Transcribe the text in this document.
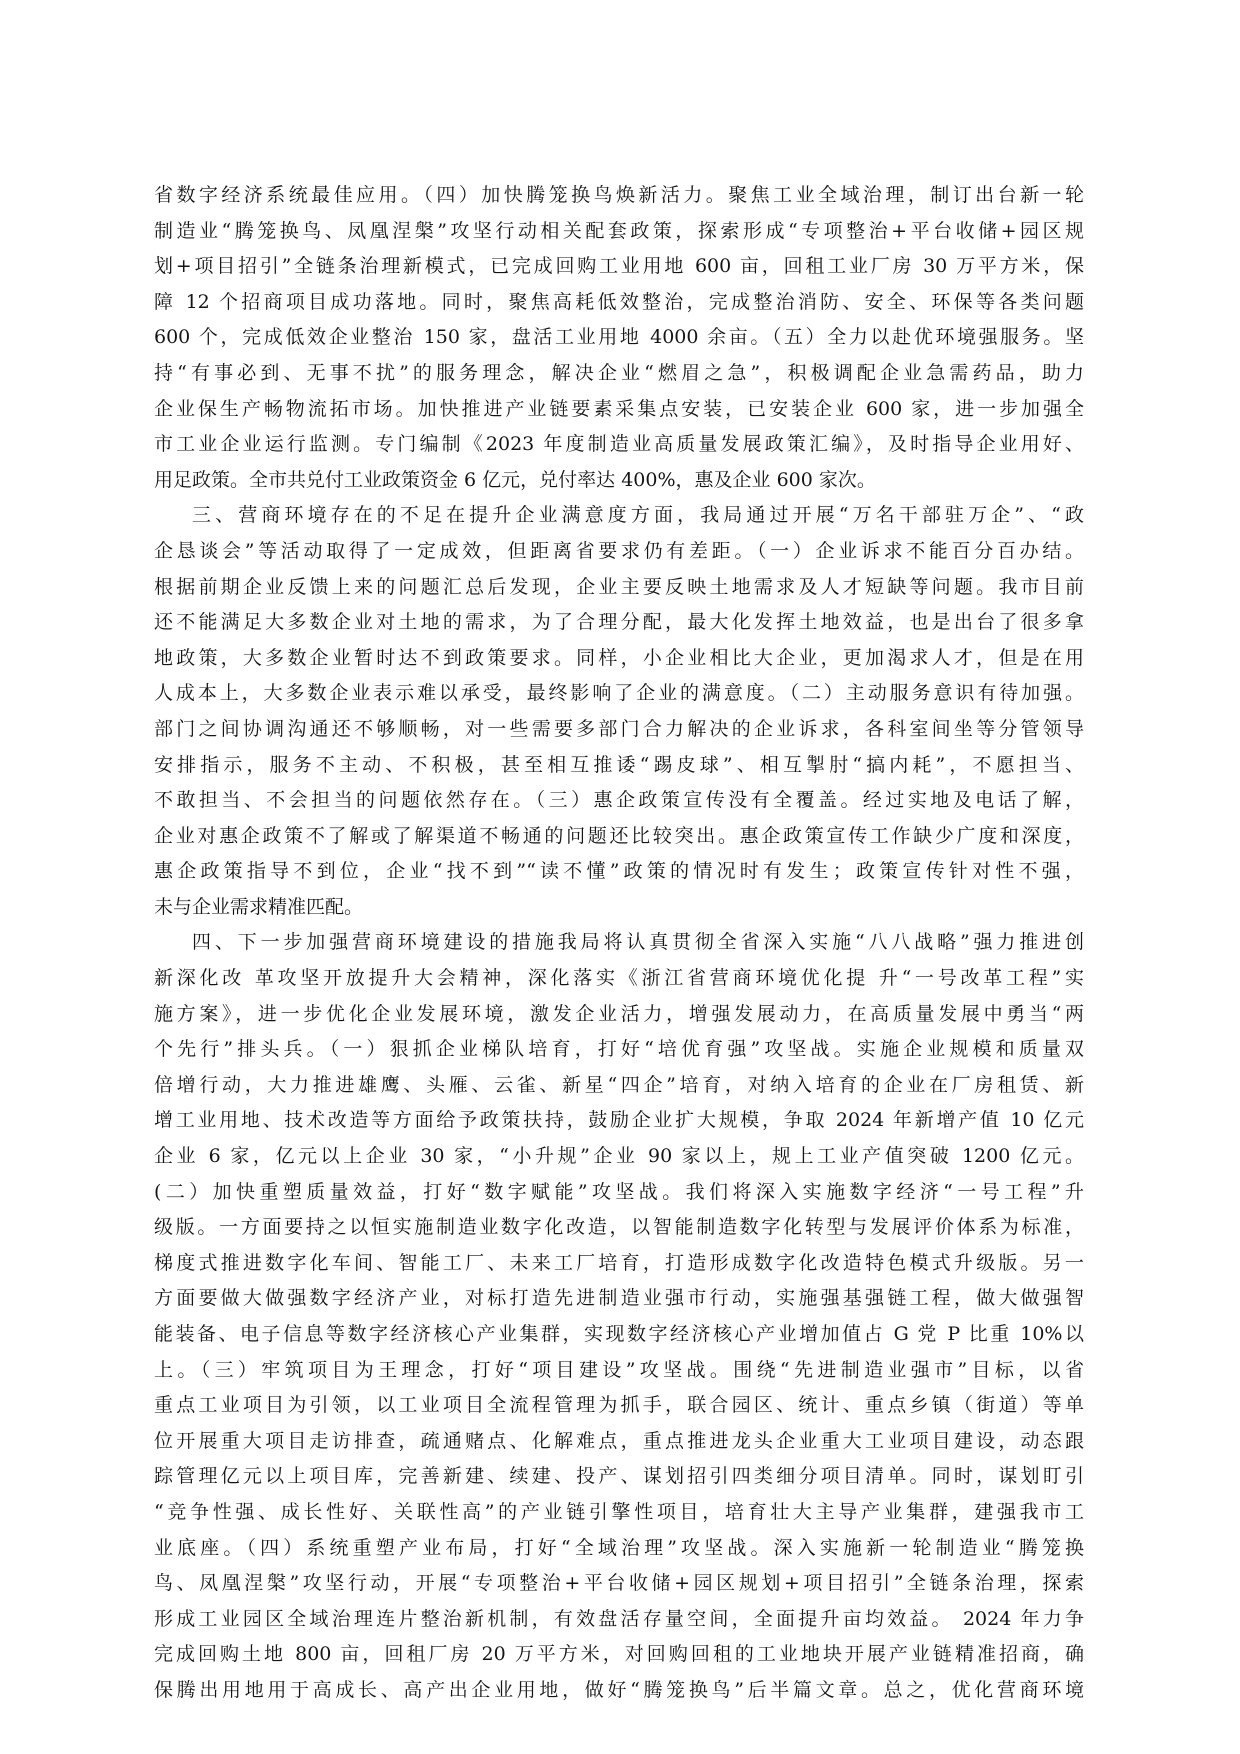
省数字经济系统最佳应用。（四）加快腾笼换鸟焕新活力。聚焦工业全域治理，制订出台新一轮
制造业“腾笼换鸟、凤凰涅槃”攻坚行动相关配套政策，探索形成“专项整治+平台收储+园区规
划+项目招引”全链条治理新模式，已完成回购工业用地 600 亩，回租工业厂房 30 万平方米，保
障 12 个招商项目成功落地。同时，聚焦高耗低效整治，完成整治消防、安全、环保等各类问题
600 个，完成低效企业整治 150 家，盘活工业用地 4000 余亩。（五）全力以赴优环境强服务。坚
持“有事必到、无事不扰”的服务理念，解决企业“燃眉之急”，积极调配企业急需药品，助力
企业保生产畅物流拓市场。加快推进产业链要素采集点安装，已安装企业 600 家，进一步加强全
市工业企业运行监测。专门编制《2023 年度制造业高质量发展政策汇编》，及时指导企业用好、
用足政策。全市共兑付工业政策资金 6 亿元，兑付率达 400%，惠及企业 600 家次。
三、营商环境存在的不足在提升企业满意度方面，我局通过开展“万名干部驻万企”、“政
企恳谈会”等活动取得了一定成效，但距离省要求仍有差距。（一）企业诉求不能百分百办结。
根据前期企业反馈上来的问题汇总后发现，企业主要反映土地需求及人才短缺等问题。我市目前
还不能满足大多数企业对土地的需求，为了合理分配，最大化发挥土地效益，也是出台了很多拿
地政策，大多数企业暂时达不到政策要求。同样，小企业相比大企业，更加渴求人才，但是在用
人成本上，大多数企业表示难以承受，最终影响了企业的满意度。（二）主动服务意识有待加强。
部门之间协调沟通还不够顺畅，对一些需要多部门合力解决的企业诉求，各科室间坐等分管领导
安排指示，服务不主动、不积极，甚至相互推诿“踢皮球”、相互掣肘“搞内耗”，不愿担当、
不敢担当、不会担当的问题依然存在。（三）惠企政策宣传没有全覆盖。经过实地及电话了解，
企业对惠企政策不了解或了解渠道不畅通的问题还比较突出。惠企政策宣传工作缺少广度和深度，
惠企政策指导不到位，企业“找不到”“读不懂”政策的情况时有发生；政策宣传针对性不强，
未与企业需求精准匹配。
四、下一步加强营商环境建设的措施我局将认真贯彻全省深入实施“八八战略”强力推进创
新深化改 革攻坚开放提升大会精神，深化落实《浙江省营商环境优化提 升“一号改革工程”实
施方案》，进一步优化企业发展环境，激发企业活力，增强发展动力，在高质量发展中勇当“两
个先行”排头兵。（一）狠抓企业梯队培育，打好“培优育强”攻坚战。实施企业规模和质量双
倍增行动，大力推进雄鹰、头雁、云雀、新星“四企”培育，对纳入培育的企业在厂房租赁、新
增工业用地、技术改造等方面给予政策扶持，鼓励企业扩大规模，争取 2024 年新增产值 10 亿元
企业 6 家，亿元以上企业 30 家，“小升规”企业 90 家以上，规上工业产值突破 1200 亿元。
(二）加快重塑质量效益，打好“数字赋能”攻坚战。我们将深入实施数字经济“一号工程”升
级版。一方面要持之以恒实施制造业数字化改造，以智能制造数字化转型与发展评价体系为标准，
梯度式推进数字化车间、智能工厂、未来工厂培育，打造形成数字化改造特色模式升级版。另一
方面要做大做强数字经济产业，对标打造先进制造业强市行动，实施强基强链工程，做大做强智
能装备、电子信息等数字经济核心产业集群，实现数字经济核心产业增加值占 G 党 P 比重 10%以
上。（三）牢筑项目为王理念，打好“项目建设”攻坚战。围绕“先进制造业强市”目标，以省
重点工业项目为引领，以工业项目全流程管理为抓手，联合园区、统计、重点乡镇（街道）等单
位开展重大项目走访排查，疏通赌点、化解难点，重点推进龙头企业重大工业项目建设，动态跟
踪管理亿元以上项目库，完善新建、续建、投产、谋划招引四类细分项目清单。同时，谋划盯引
“竞争性强、成长性好、关联性高”的产业链引擎性项目，培育壮大主导产业集群，建强我市工
业底座。（四）系统重塑产业布局，打好“全域治理”攻坚战。深入实施新一轮制造业“腾笼换
鸟、凤凰涅槃”攻坚行动，开展“专项整治+平台收储+园区规划+项目招引”全链条治理，探索
形成工业园区全域治理连片整治新机制，有效盘活存量空间，全面提升亩均效益。 2024 年力争
完成回购土地 800 亩，回租厂房 20 万平方米，对回购回租的工业地块开展产业链精准招商，确
保腾出用地用于高成长、高产出企业用地，做好“腾笼换鸟”后半篇文章。总之，优化营商环境
